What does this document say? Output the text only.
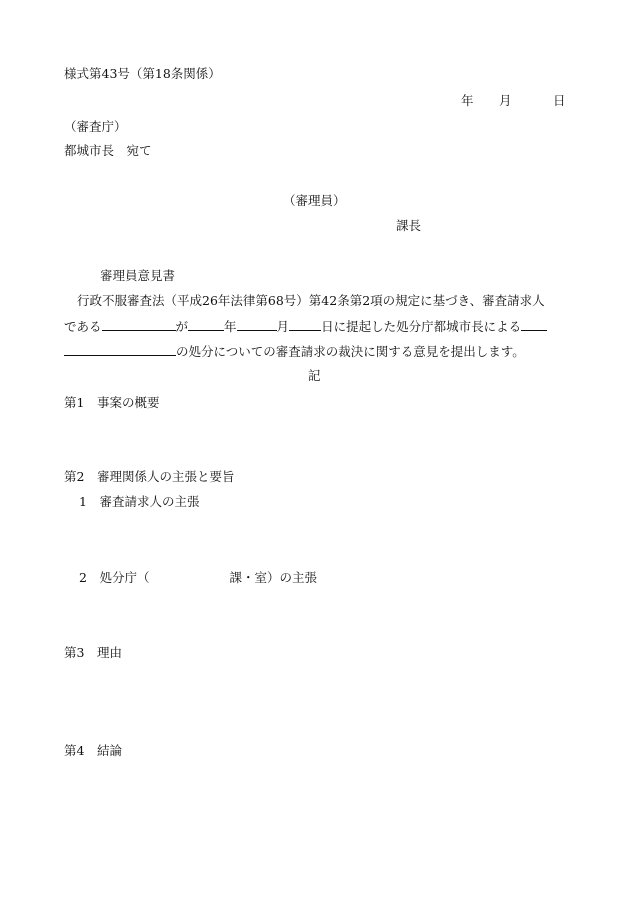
様式第43号（第18条関係）
年 月	日
（審査庁）
都城市長　宛て
（審理員）
課長
審理員意見書
行政不服審査法（平成26年法律第68号）第42条第2項の規定に基づき、審査請求人
である	が	年	月	日に提起した処分庁都城市長による
の処分についての審査請求の裁決に関する意見を提出します。
記
第1　事案の概要
第2　審理関係人の主張と要旨
1　審査請求人の主張
2　処分庁（	課・室）の主張
第3　理由
第4　結論
